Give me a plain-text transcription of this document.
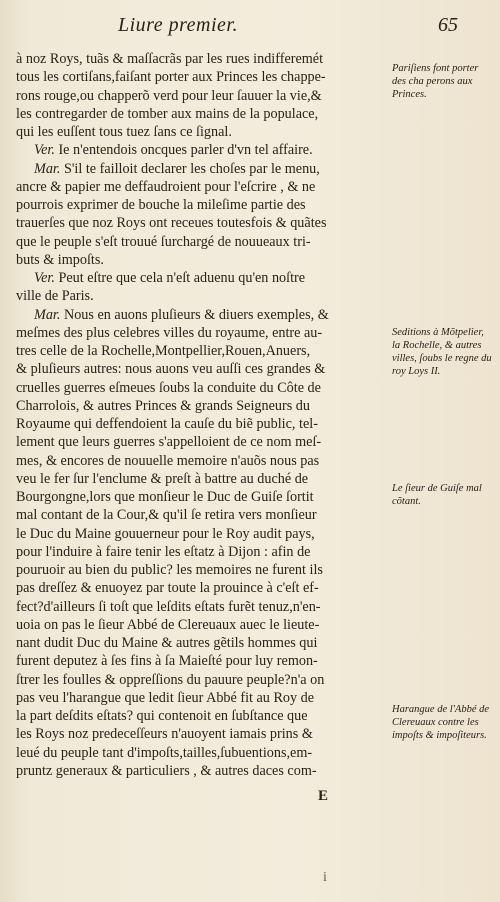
Liure premier.	65
à noz Roys, tuãs & maſſacrãs par les rues indifferemét
tous les cortiſans,faiſant porter aux Princes les chappe-
rons rouge,ou chapperõ verd pour leur ſauuer la vie,&
les contregarder de tomber aux mains de la populace,
qui les euſſent tous tuez ſans ce ſignal.
Ver. Ie n'entendois oncques parler d'vn tel affaire.
Mar. S'il te failloit declarer les choſes par le menu,
ancre & papier me deffaudroient pour l'eſcrire , & ne
pourrois exprimer de bouche la mileſime partie des
trauerſes que noz Roys ont receues toutesfois & quãtes
que le peuple s'eſt trouué ſurchargé de nouueaux tri-
buts & impoſts.
Ver. Peut eſtre que cela n'eſt aduenu qu'en noſtre
ville de Paris.
Mar. Nous en auons pluſieurs & diuers exemples, &
meſmes des plus celebres villes du royaume, entre au-
tres celle de la Rochelle,Montpellier,Rouen,Anuers,
& pluſieurs autres: nous auons veu auſſi ces grandes &
cruelles guerres eſmeues ſoubs la conduite du Côte de
Charrolois, & autres Princes & grands Seigneurs du
Royaume qui deffendoient la cauſe du biẽ public, tel-
lement que leurs guerres s'appelloient de ce nom meſ-
mes, & encores de nouuelle memoire n'auõs nous pas
veu le fer ſur l'enclume & preſt à battre au duché de
Bourgongne,lors que monſieur le Duc de Guiſe ſortit
mal contant de la Cour,& qu'il ſe retira vers monſieur
le Duc du Maine gouuerneur pour le Roy audit pays,
pour l'induire à faire tenir les eſtatz à Dijon : afin de
pouruoir au bien du public? les memoires ne furent ils
pas dreſſez & enuoyez par toute la prouince à c'eſt ef-
fect?d'ailleurs ſi toſt que leſdits eſtats furẽt tenuz,n'en-
uoia on pas le ſieur Abbé de Clereuaux auec le lieute-
nant dudit Duc du Maine & autres gẽtils hommes qui
furent deputez à ſes fins à ſa Maieſté pour luy remon-
ſtrer les foulles & oppreſſions du pauure peuple?n'a on
pas veu l'harangue que ledit ſieur Abbé fit au Roy de
la part deſdits eſtats? qui contenoit en ſubſtance que
les Roys noz predeceſſeurs n'auoyent iamais prins &
leué du peuple tant d'impoſts,tailles,ſubuentions,em-
pruntz generaux & particuliers , & autres daces com-
Pariſiens font porter des cha perons aux Princes.
Seditions à Mõtpelier, la Rochelle, & autres villes, ſoubs le regne du roy Loys II.
Le ſieur de Guiſe mal cõtant.
Harangue de l'Abbé de Clereuaux contre les impoſts & impoſiteurs.
E
i
